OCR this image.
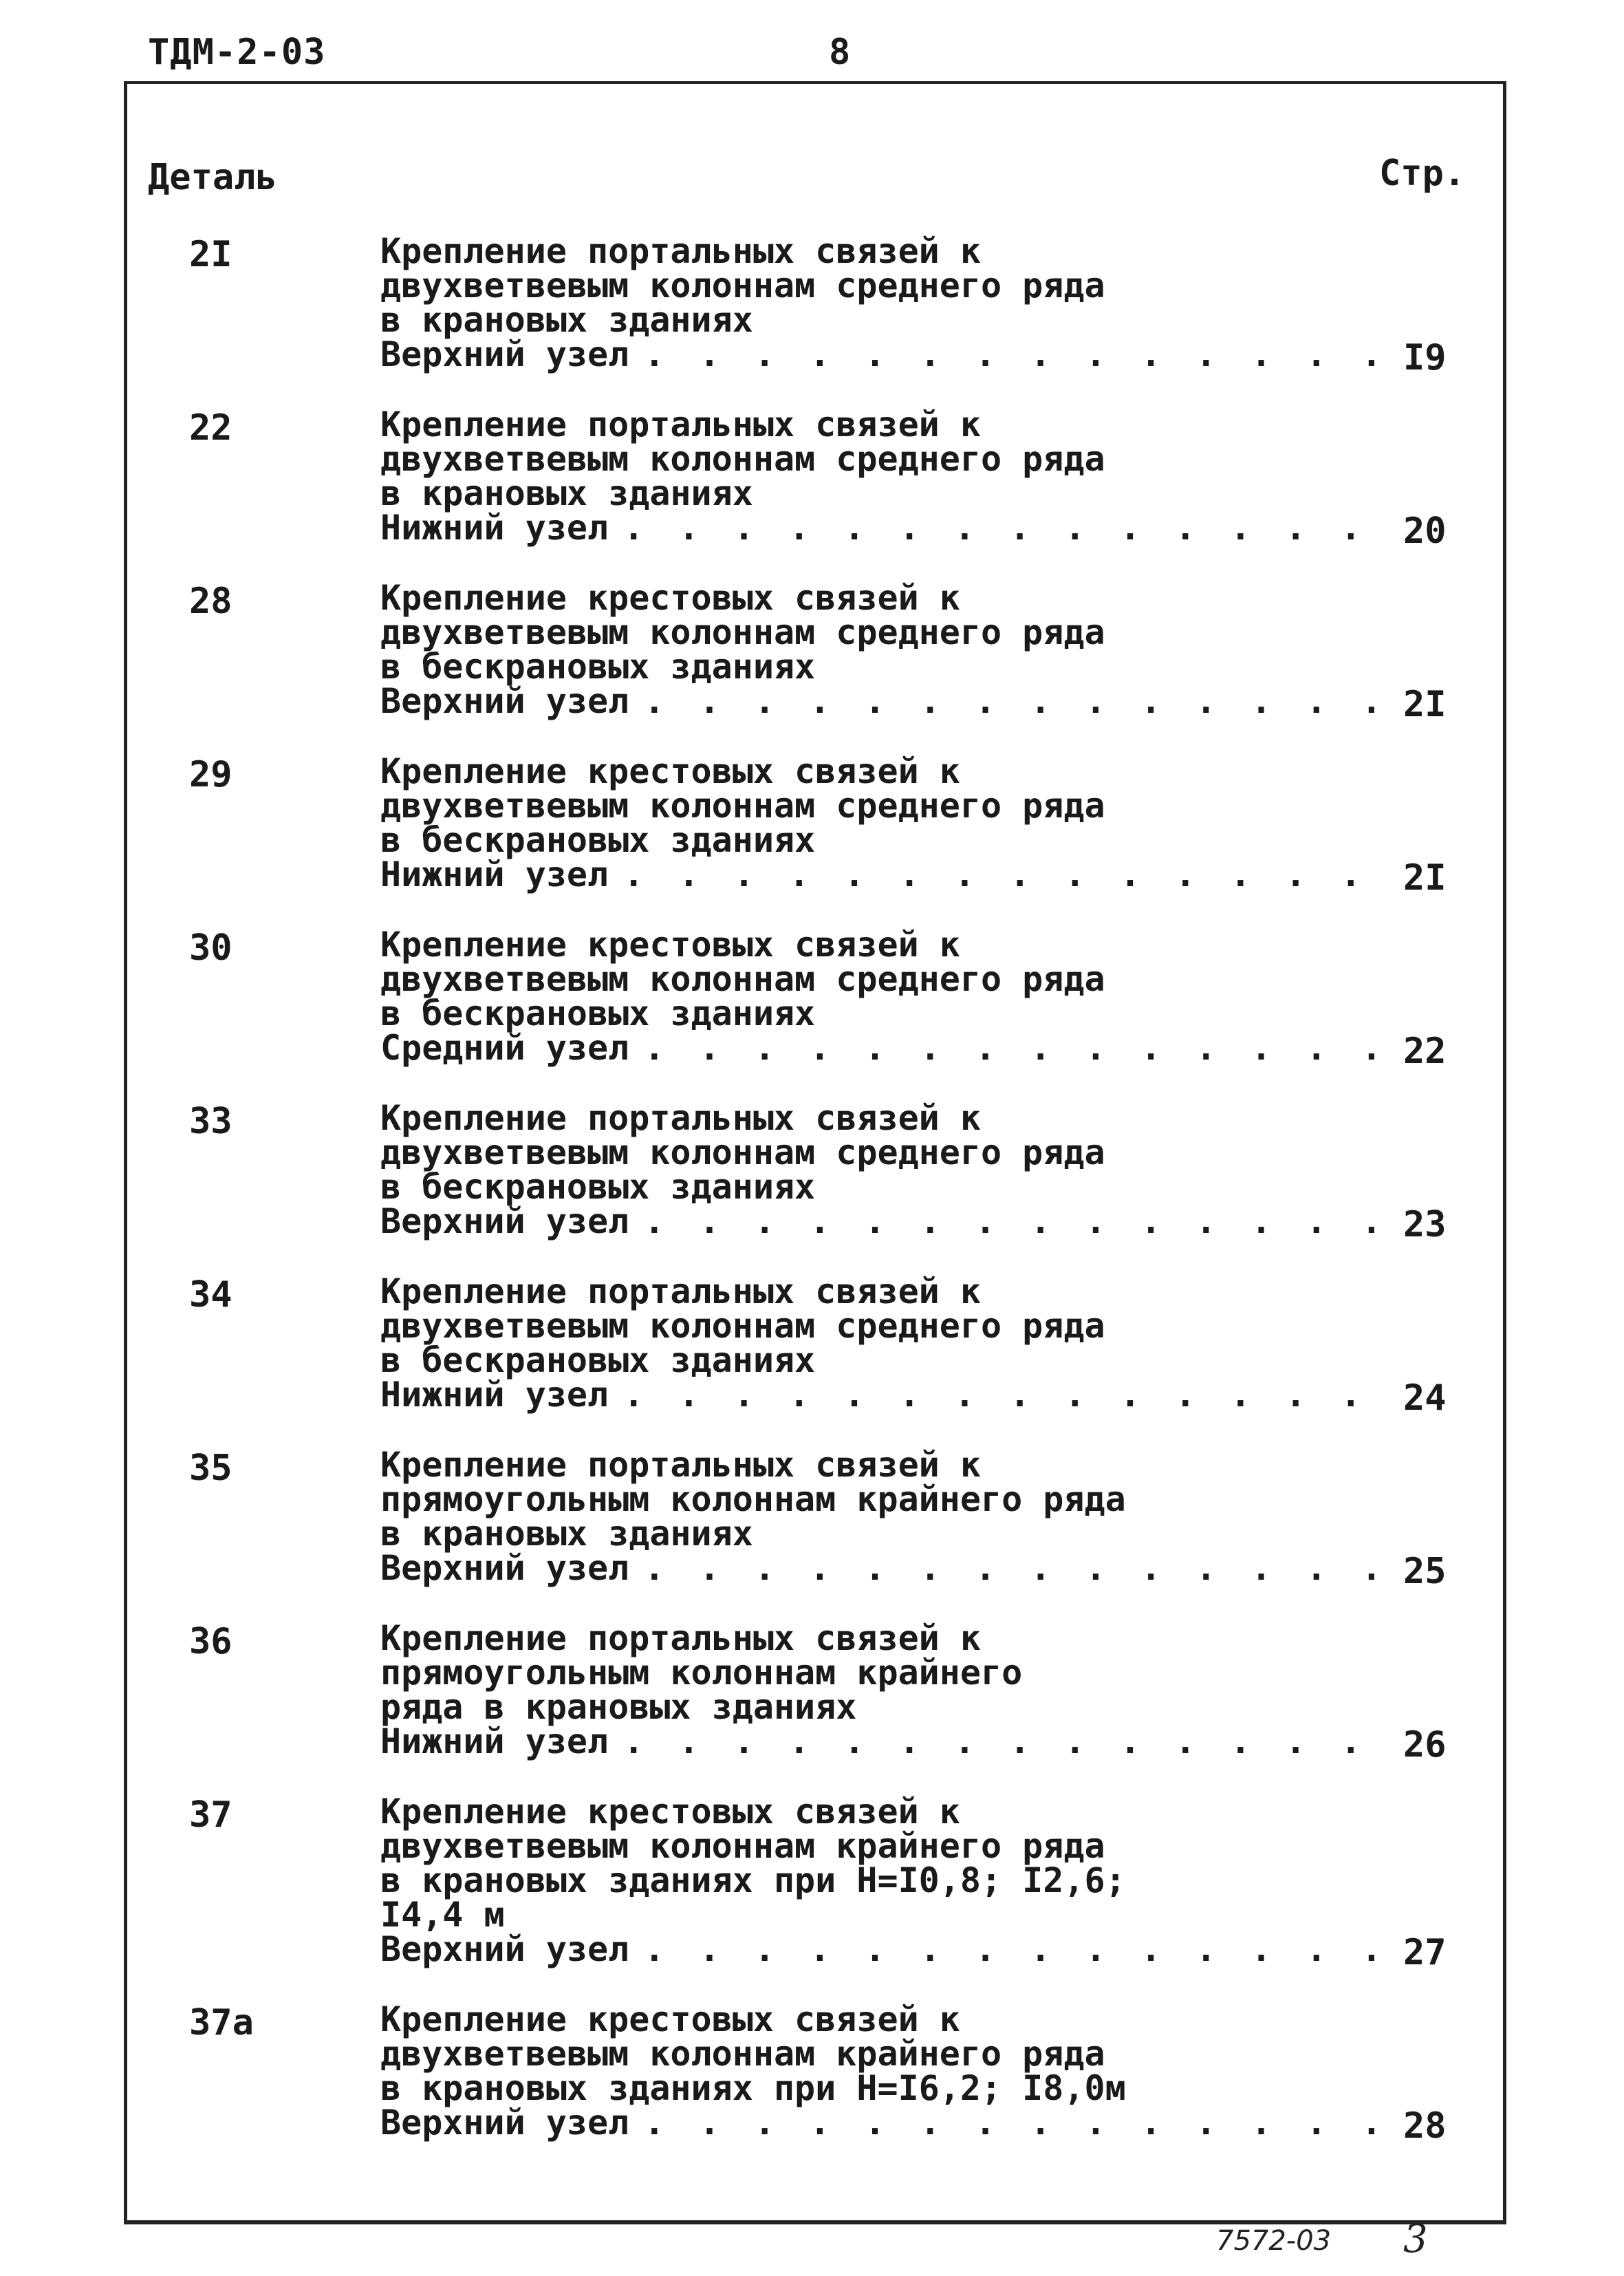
ТДМ-2-03	8
Деталь	Стр.
2I	Крепление портальных связей к
двухветвевым колоннам среднего ряда
в крановых зданиях
Верхний узел . . . . . . . . . . . . . . I9
22	Крепление портальных связей к
двухветвевым колоннам среднего ряда
в крановых зданиях
Нижний узел . . . . . . . . . . . . . . 20
28	Крепление крестовых связей к
двухветвевым колоннам среднего ряда
в бескрановых зданиях
Верхний узел . . . . . . . . . . . . . . 2I
29	Крепление крестовых связей к
двухветвевым колоннам среднего ряда
в бескрановых зданиях
Нижний узел . . . . . . . . . . . . . . 2I
30	Крепление крестовых связей к
двухветвевым колоннам среднего ряда
в бескрановых зданиях
Средний узел . . . . . . . . . . . . . . 22
33	Крепление портальных связей к
двухветвевым колоннам среднего ряда
в бескрановых зданиях
Верхний узел . . . . . . . . . . . . . . 23
34	Крепление портальных связей к
двухветвевым колоннам среднего ряда
в бескрановых зданиях
Нижний узел . . . . . . . . . . . . . . 24
35	Крепление портальных связей к
прямоугольным колоннам крайнего ряда
в крановых зданиях
Верхний узел . . . . . . . . . . . . . . 25
36	Крепление портальных связей к
прямоугольным колоннам крайнего
ряда в крановых зданиях
Нижний узел . . . . . . . . . . . . . . 26
37	Крепление крестовых связей к
двухветвевым колоннам крайнего ряда
в крановых зданиях при Н=I0,8; I2,6;
I4,4 м
Верхний узел . . . . . . . . . . . . . . 27
37а	Крепление крестовых связей к
двухветвевым колоннам крайнего ряда
в крановых зданиях при Н=I6,2; I8,0м
Верхний узел . . . . . . . . . . . . . . 28
7572-03 3
